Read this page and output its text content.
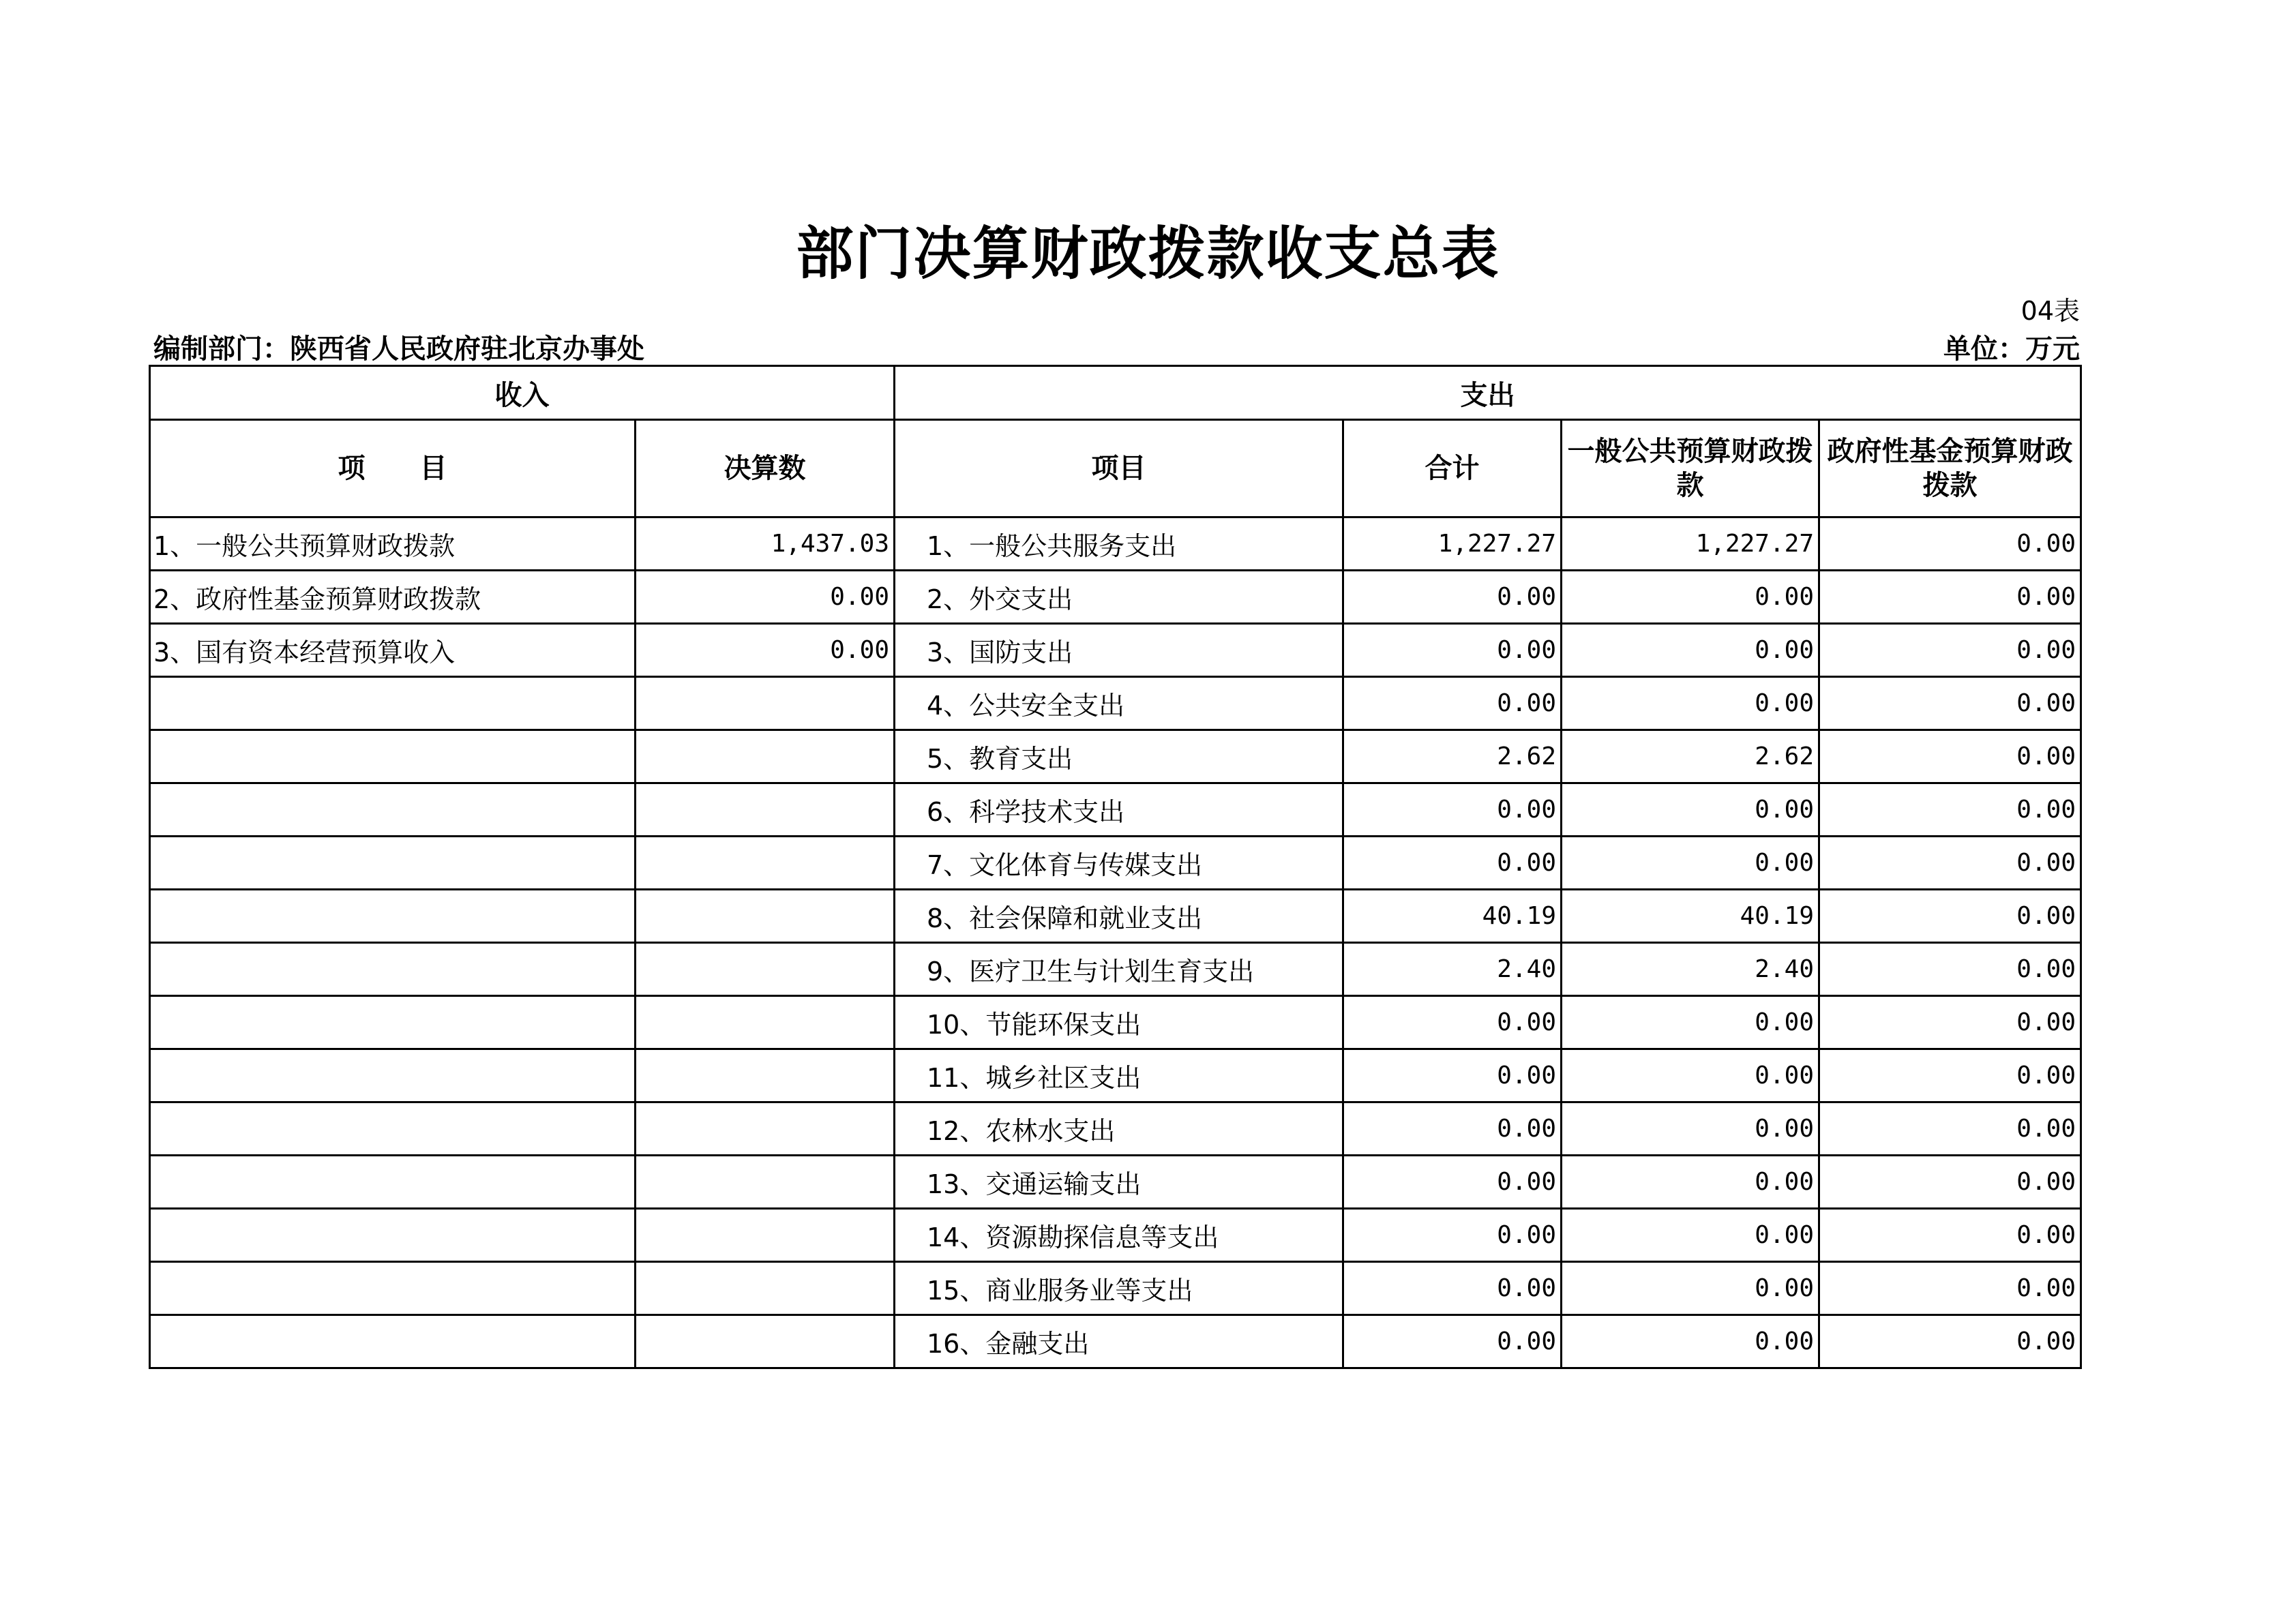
部门决算财政拨款收支总表
04表
编制部门：陕西省人民政府驻北京办事处	单位：万元
收入		支出			
项　　目	决算数	项目	合计	一般公共预算财政拨款	政府性基金预算财政拨款
1、一般公共预算财政拨款	1,437.03	1、一般公共服务支出	1,227.27	1,227.27	0.00
2、政府性基金预算财政拨款	0.00	2、外交支出	0.00	0.00	0.00
3、国有资本经营预算收入	0.00	3、国防支出	0.00	0.00	0.00
		4、公共安全支出	0.00	0.00	0.00
		5、教育支出	2.62	2.62	0.00
		6、科学技术支出	0.00	0.00	0.00
		7、文化体育与传媒支出	0.00	0.00	0.00
		8、社会保障和就业支出	40.19	40.19	0.00
		9、医疗卫生与计划生育支出	2.40	2.40	0.00
		10、节能环保支出	0.00	0.00	0.00
		11、城乡社区支出	0.00	0.00	0.00
		12、农林水支出	0.00	0.00	0.00
		13、交通运输支出	0.00	0.00	0.00
		14、资源勘探信息等支出	0.00	0.00	0.00
		15、商业服务业等支出	0.00	0.00	0.00
		16、金融支出	0.00	0.00	0.00
